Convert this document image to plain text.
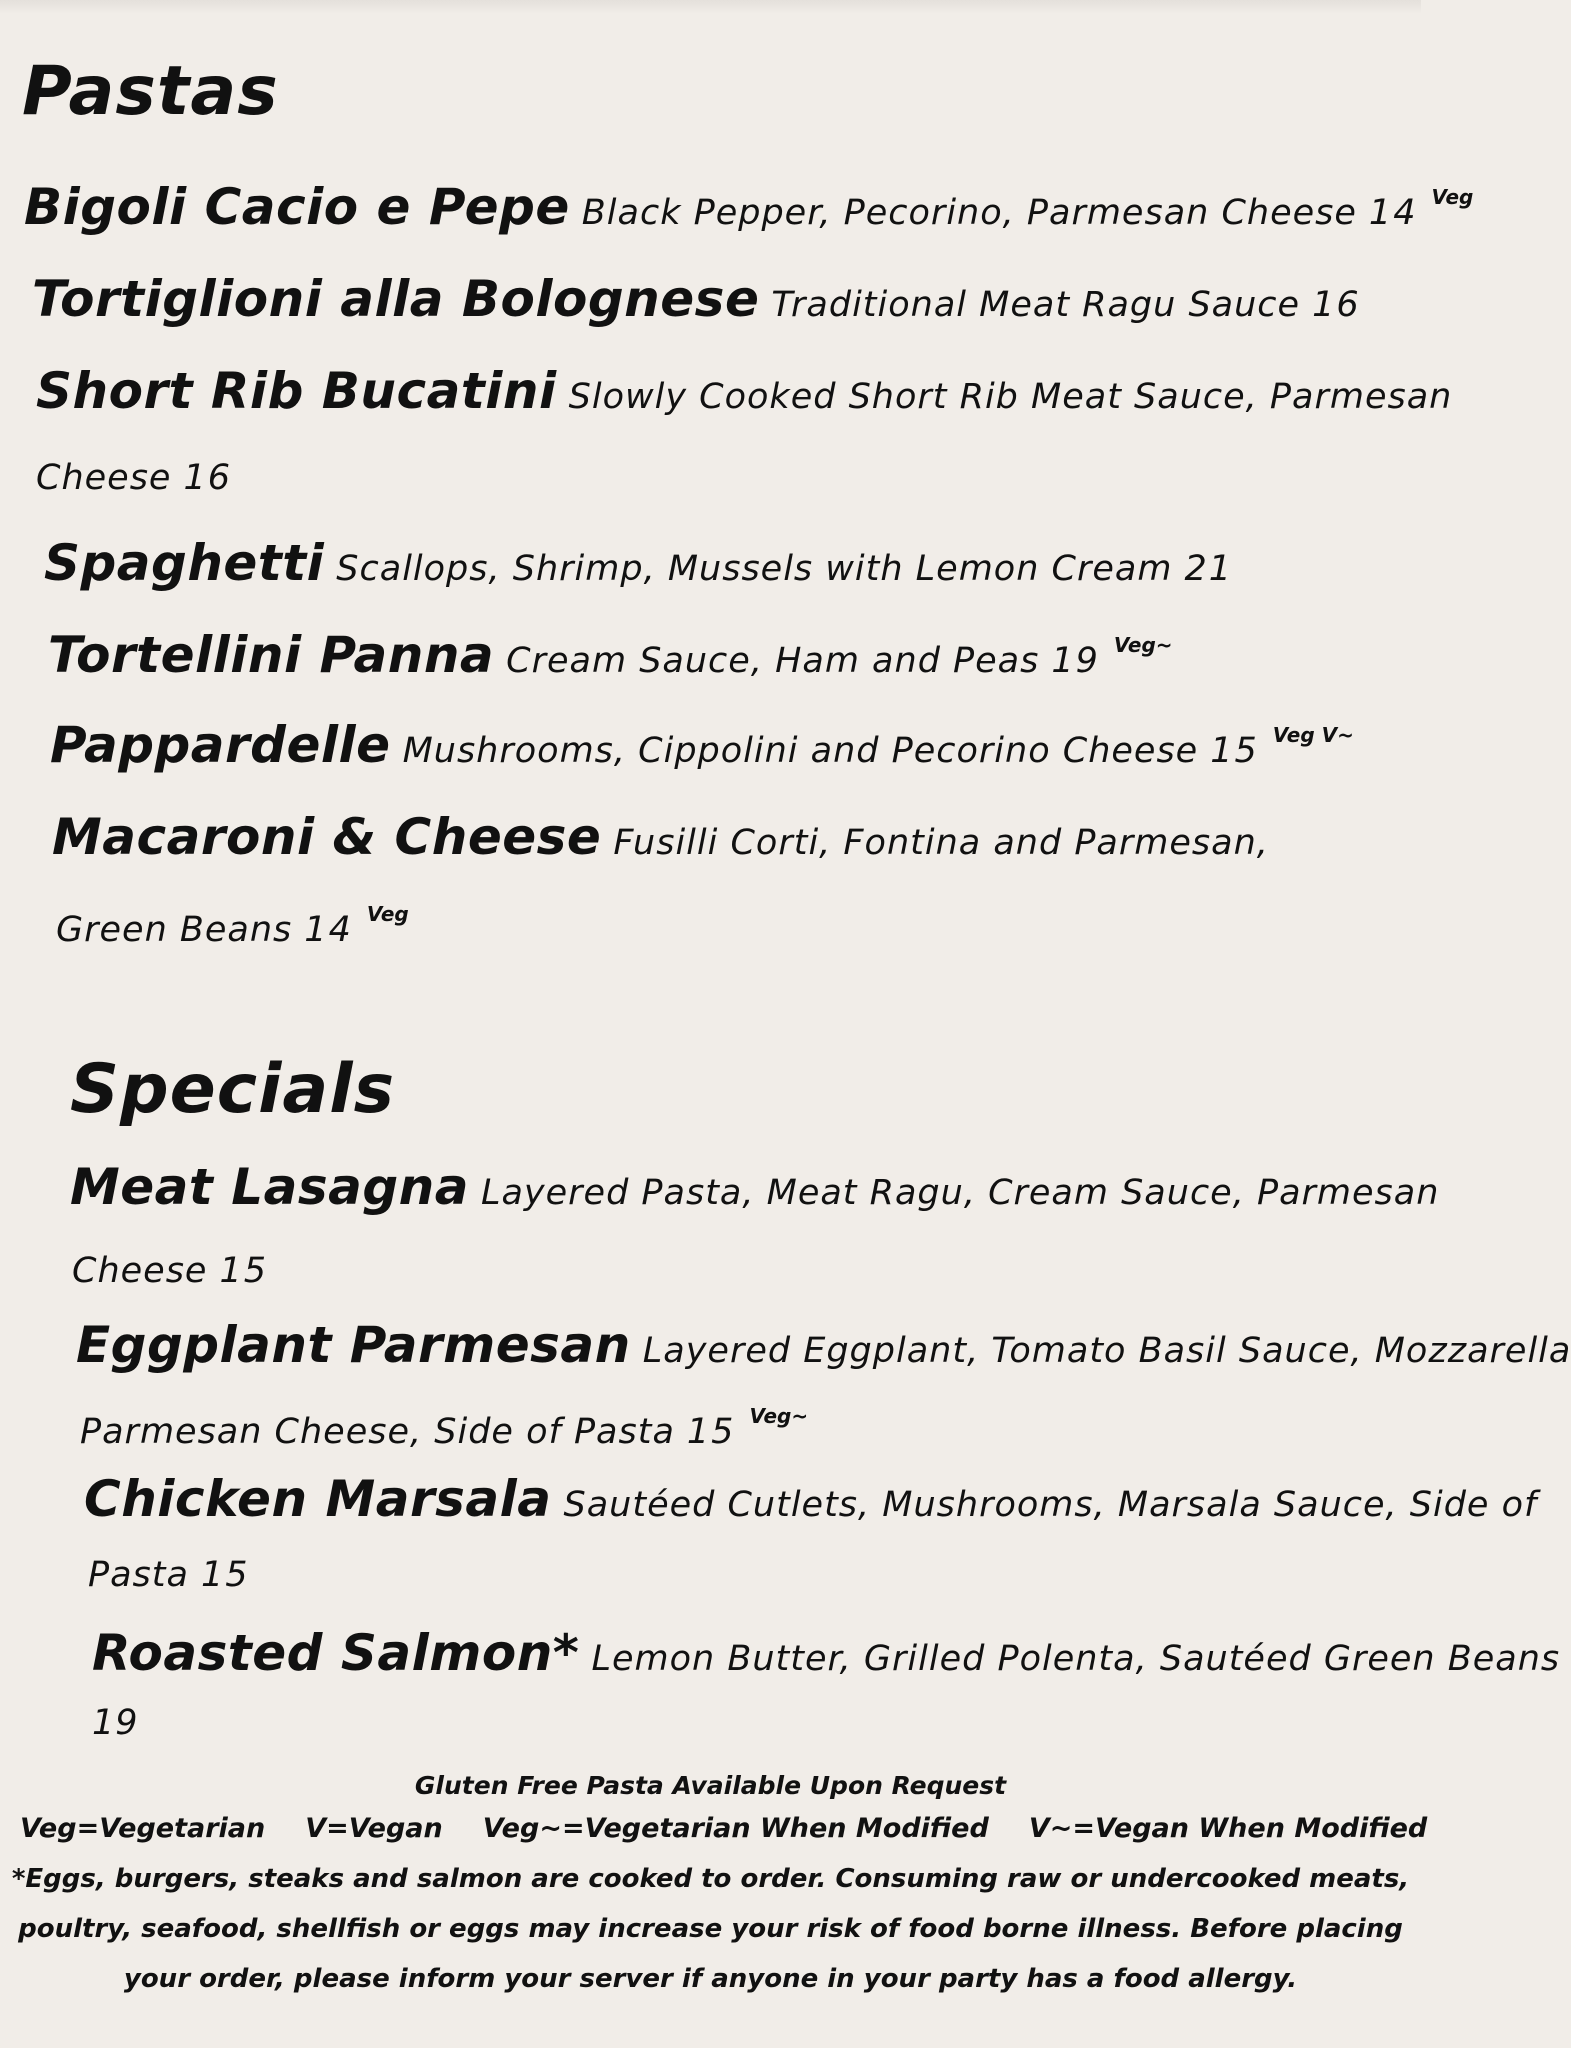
Pastas
Bigoli Cacio e Pepe Black Pepper, Pecorino, Parmesan Cheese 14 Veg
Tortiglioni alla Bolognese Traditional Meat Ragu Sauce 16
Short Rib Bucatini Slowly Cooked Short Rib Meat Sauce, Parmesan
Cheese 16
Spaghetti Scallops, Shrimp, Mussels with Lemon Cream 21
Tortellini Panna Cream Sauce, Ham and Peas 19 Veg~
Pappardelle Mushrooms, Cippolini and Pecorino Cheese 15 Veg V~
Macaroni & Cheese Fusilli Corti, Fontina and Parmesan,
Green Beans 14 Veg
Specials
Meat Lasagna Layered Pasta, Meat Ragu, Cream Sauce, Parmesan
Cheese 15
Eggplant Parmesan Layered Eggplant, Tomato Basil Sauce, Mozzarella
Parmesan Cheese, Side of Pasta 15 Veg~
Chicken Marsala Sautéed Cutlets, Mushrooms, Marsala Sauce, Side of
Pasta 15
Roasted Salmon* Lemon Butter, Grilled Polenta, Sautéed Green Beans
19
Gluten Free Pasta Available Upon Request
Veg=Vegetarian V=Vegan Veg~=Vegetarian When Modified V~=Vegan When Modified
*Eggs, burgers, steaks and salmon are cooked to order. Consuming raw or undercooked meats,
poultry, seafood, shellfish or eggs may increase your risk of food borne illness. Before placing
your order, please inform your server if anyone in your party has a food allergy.
